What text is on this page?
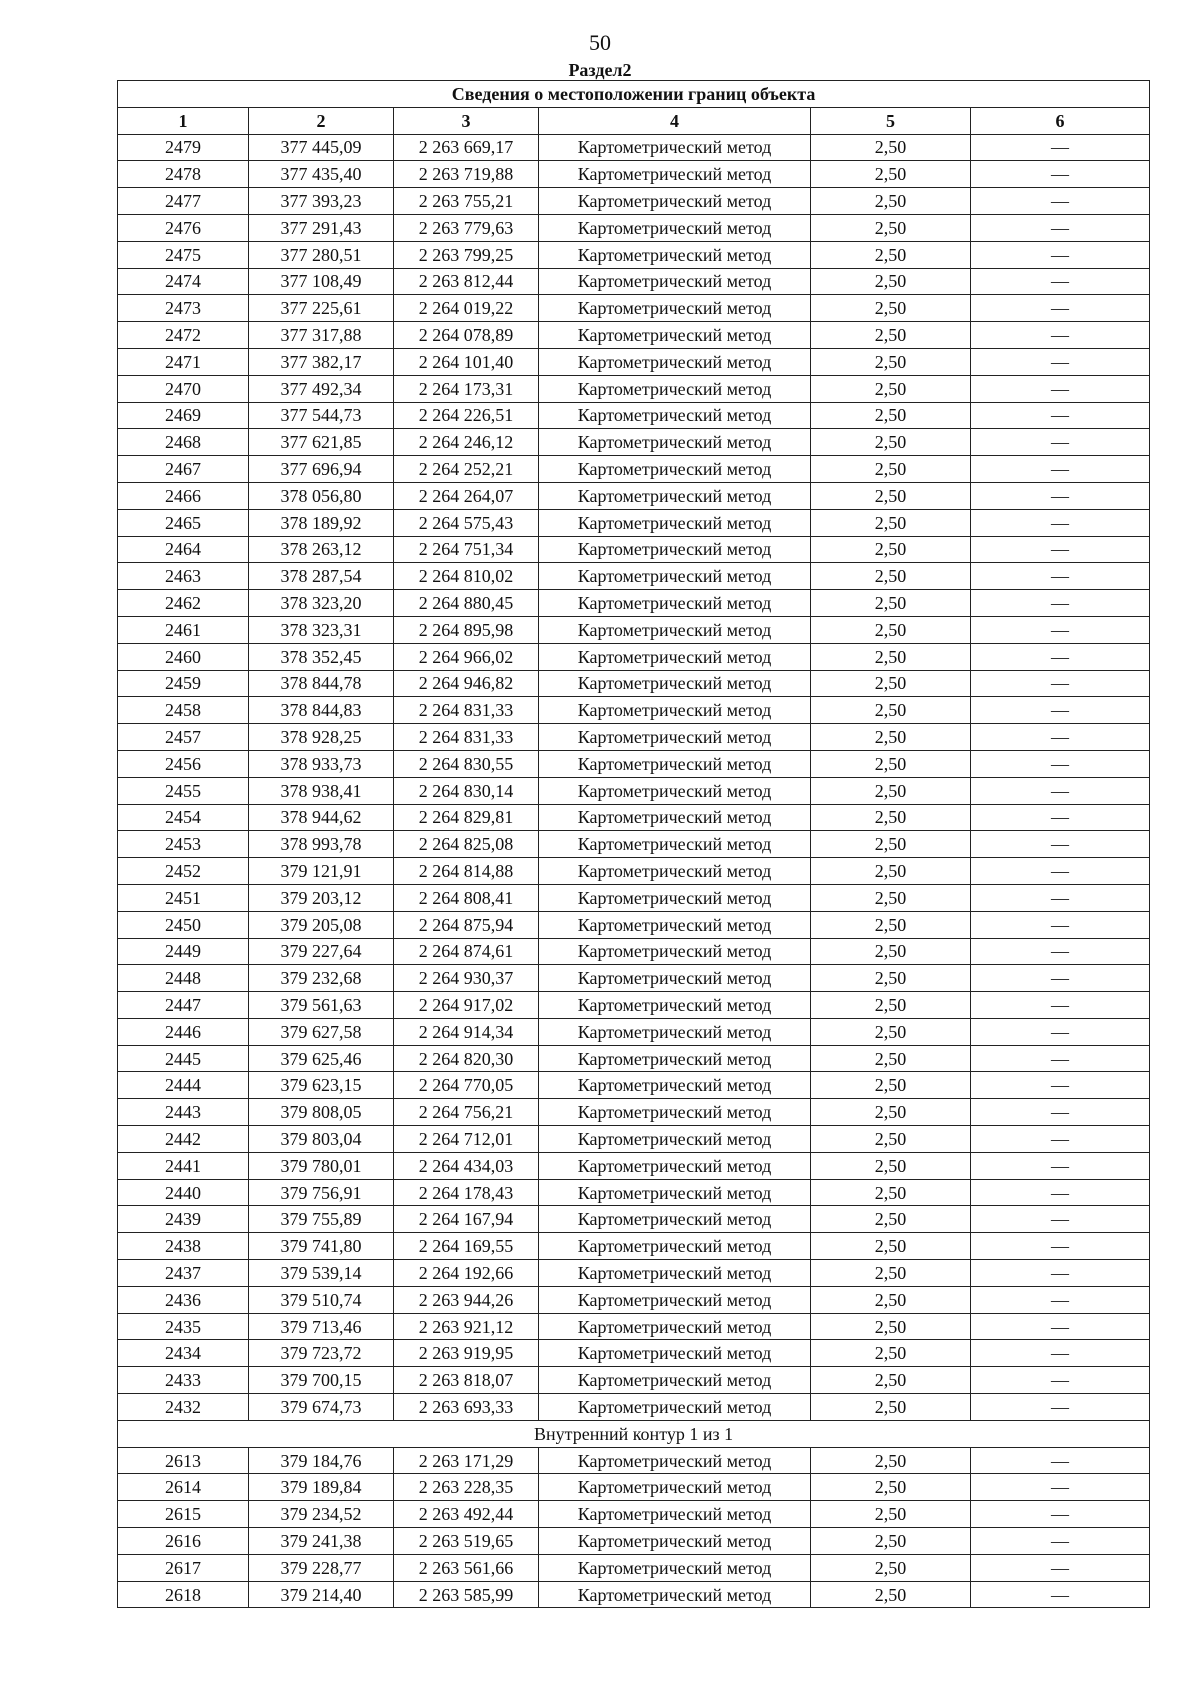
50
Раздел2
Сведения о местоположении границ объекта					
1	2	3	4	5	6
2479	377 445,09	2 263 669,17	Картометрический метод	2,50	—
2478	377 435,40	2 263 719,88	Картометрический метод	2,50	—
2477	377 393,23	2 263 755,21	Картометрический метод	2,50	—
2476	377 291,43	2 263 779,63	Картометрический метод	2,50	—
2475	377 280,51	2 263 799,25	Картометрический метод	2,50	—
2474	377 108,49	2 263 812,44	Картометрический метод	2,50	—
2473	377 225,61	2 264 019,22	Картометрический метод	2,50	—
2472	377 317,88	2 264 078,89	Картометрический метод	2,50	—
2471	377 382,17	2 264 101,40	Картометрический метод	2,50	—
2470	377 492,34	2 264 173,31	Картометрический метод	2,50	—
2469	377 544,73	2 264 226,51	Картометрический метод	2,50	—
2468	377 621,85	2 264 246,12	Картометрический метод	2,50	—
2467	377 696,94	2 264 252,21	Картометрический метод	2,50	—
2466	378 056,80	2 264 264,07	Картометрический метод	2,50	—
2465	378 189,92	2 264 575,43	Картометрический метод	2,50	—
2464	378 263,12	2 264 751,34	Картометрический метод	2,50	—
2463	378 287,54	2 264 810,02	Картометрический метод	2,50	—
2462	378 323,20	2 264 880,45	Картометрический метод	2,50	—
2461	378 323,31	2 264 895,98	Картометрический метод	2,50	—
2460	378 352,45	2 264 966,02	Картометрический метод	2,50	—
2459	378 844,78	2 264 946,82	Картометрический метод	2,50	—
2458	378 844,83	2 264 831,33	Картометрический метод	2,50	—
2457	378 928,25	2 264 831,33	Картометрический метод	2,50	—
2456	378 933,73	2 264 830,55	Картометрический метод	2,50	—
2455	378 938,41	2 264 830,14	Картометрический метод	2,50	—
2454	378 944,62	2 264 829,81	Картометрический метод	2,50	—
2453	378 993,78	2 264 825,08	Картометрический метод	2,50	—
2452	379 121,91	2 264 814,88	Картометрический метод	2,50	—
2451	379 203,12	2 264 808,41	Картометрический метод	2,50	—
2450	379 205,08	2 264 875,94	Картометрический метод	2,50	—
2449	379 227,64	2 264 874,61	Картометрический метод	2,50	—
2448	379 232,68	2 264 930,37	Картометрический метод	2,50	—
2447	379 561,63	2 264 917,02	Картометрический метод	2,50	—
2446	379 627,58	2 264 914,34	Картометрический метод	2,50	—
2445	379 625,46	2 264 820,30	Картометрический метод	2,50	—
2444	379 623,15	2 264 770,05	Картометрический метод	2,50	—
2443	379 808,05	2 264 756,21	Картометрический метод	2,50	—
2442	379 803,04	2 264 712,01	Картометрический метод	2,50	—
2441	379 780,01	2 264 434,03	Картометрический метод	2,50	—
2440	379 756,91	2 264 178,43	Картометрический метод	2,50	—
2439	379 755,89	2 264 167,94	Картометрический метод	2,50	—
2438	379 741,80	2 264 169,55	Картометрический метод	2,50	—
2437	379 539,14	2 264 192,66	Картометрический метод	2,50	—
2436	379 510,74	2 263 944,26	Картометрический метод	2,50	—
2435	379 713,46	2 263 921,12	Картометрический метод	2,50	—
2434	379 723,72	2 263 919,95	Картометрический метод	2,50	—
2433	379 700,15	2 263 818,07	Картометрический метод	2,50	—
2432	379 674,73	2 263 693,33	Картометрический метод	2,50	—
Внутренний контур 1 из 1					
2613	379 184,76	2 263 171,29	Картометрический метод	2,50	—
2614	379 189,84	2 263 228,35	Картометрический метод	2,50	—
2615	379 234,52	2 263 492,44	Картометрический метод	2,50	—
2616	379 241,38	2 263 519,65	Картометрический метод	2,50	—
2617	379 228,77	2 263 561,66	Картометрический метод	2,50	—
2618	379 214,40	2 263 585,99	Картометрический метод	2,50	—
